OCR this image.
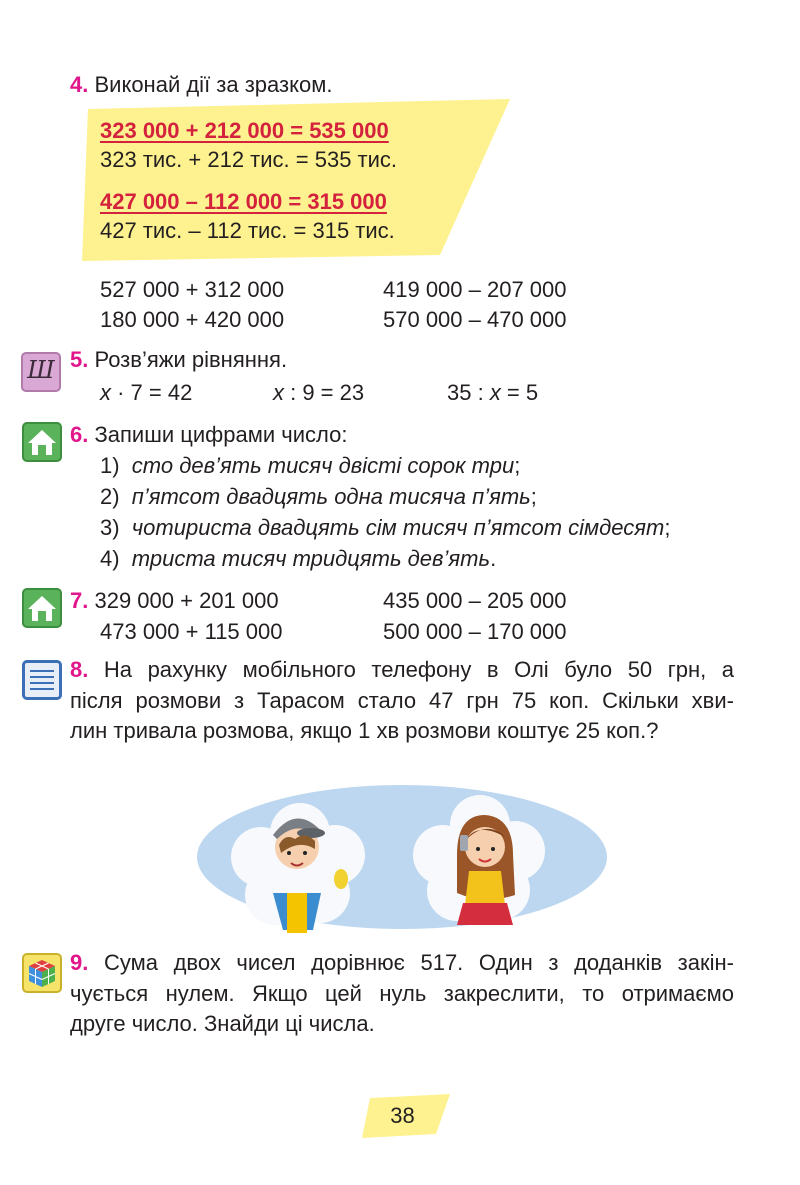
4. Виконай дії за зразком.
323 000 + 212 000 = 535 000
323 тис. + 212 тис. = 535 тис.
427 000 – 112 000 = 315 000
427 тис. – 112 тис. = 315 тис.
527 000 + 312 000	419 000 – 207 000
180 000 + 420 000	570 000 – 470 000
Ш 5. Розв’яжи рівняння.
x · 7 = 42	x : 9 = 23	35 : x = 5
6. Запиши цифрами число:
1) сто дев’ять тисяч двісті сорок три;
2) п’ятсот двадцять одна тисяча п’ять;
3) чотириста двадцять сім тисяч п’ятсот сімдесят;
4) триста тисяч тридцять дев’ять.
7. 329 000 + 201 000	435 000 – 205 000
473 000 + 115 000	500 000 – 170 000
8. На рахунку мобільного телефону в Олі було 50 грн, а
після розмови з Тарасом стало 47 грн 75 коп. Скільки хви-
лин тривала розмова, якщо 1 хв розмови коштує 25 коп.?
9. Сума двох чисел дорівнює 517. Один з доданків закін-
чується нулем. Якщо цей нуль закреслити, то отримаємо
друге число. Знайди ці числа.
38
